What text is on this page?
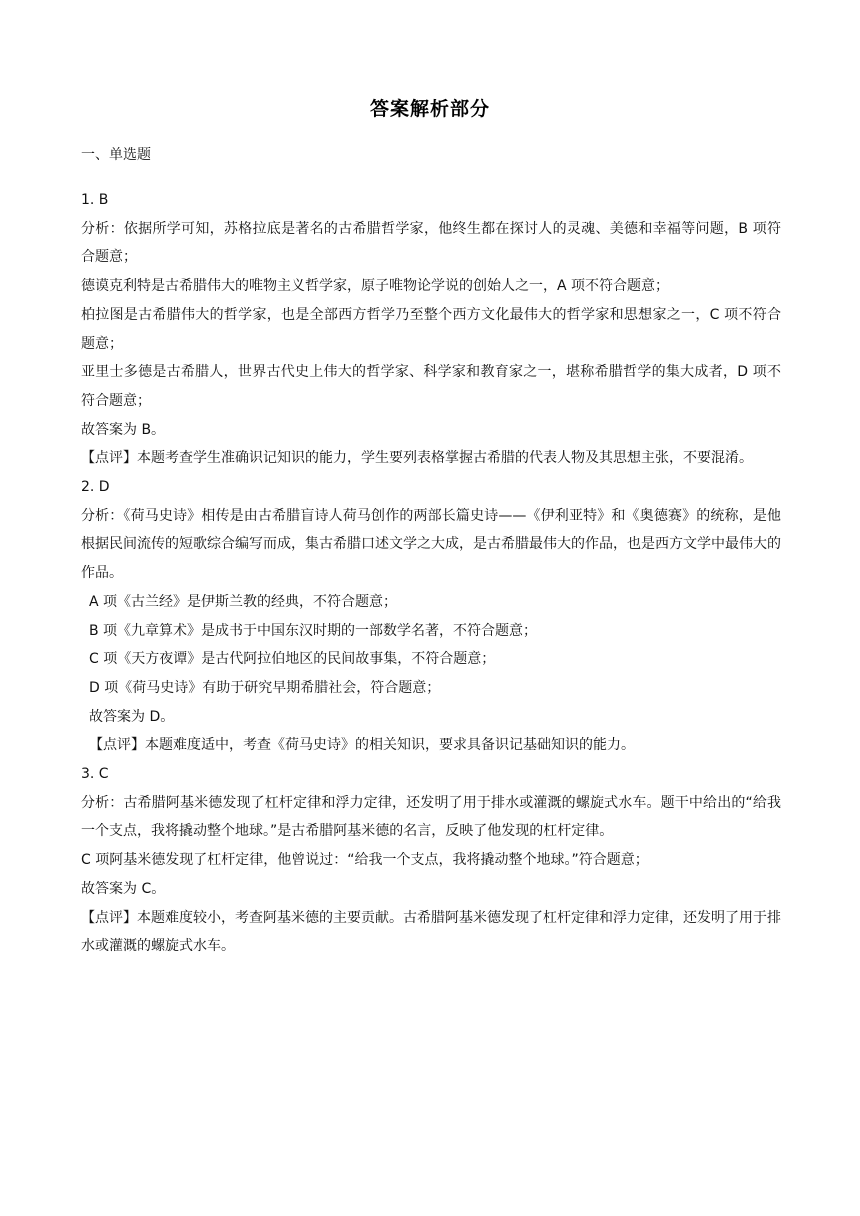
答案解析部分
一、单选题

1. B

分析：依据所学可知，苏格拉底是著名的古希腊哲学家，他终生都在探讨人的灵魂、美德和幸福等问题，B 项符合题意；

德谟克利特是古希腊伟大的唯物主义哲学家，原子唯物论学说的创始人之一，A 项不符合题意；

柏拉图是古希腊伟大的哲学家，也是全部西方哲学乃至整个西方文化最伟大的哲学家和思想家之一，C 项不符合题意；

亚里士多德是古希腊人，世界古代史上伟大的哲学家、科学家和教育家之一，堪称希腊哲学的集大成者，D 项不符合题意；

故答案为 B。

【点评】本题考查学生准确识记知识的能力，学生要列表格掌握古希腊的代表人物及其思想主张，不要混淆。

2. D

分析：《荷马史诗》相传是由古希腊盲诗人荷马创作的两部长篇史诗——《伊利亚特》和《奥德赛》的统称，是他根据民间流传的短歌综合编写而成，集古希腊口述文学之大成，是古希腊最伟大的作品，也是西方文学中最伟大的作品。

A 项《古兰经》是伊斯兰教的经典，不符合题意；

B 项《九章算术》是成书于中国东汉时期的一部数学名著，不符合题意；

C 项《天方夜谭》是古代阿拉伯地区的民间故事集，不符合题意；

D 项《荷马史诗》有助于研究早期希腊社会，符合题意；

故答案为 D。

【点评】本题难度适中，考查《荷马史诗》的相关知识，要求具备识记基础知识的能力。

3. C

分析：古希腊阿基米德发现了杠杆定律和浮力定律，还发明了用于排水或灌溉的螺旋式水车。题干中给出的“给我一个支点，我将撬动整个地球。”是古希腊阿基米德的名言，反映了他发现的杠杆定律。

C 项阿基米德发现了杠杆定律，他曾说过：“给我一个支点，我将撬动整个地球。”符合题意；

故答案为 C。

【点评】本题难度较小，考查阿基米德的主要贡献。古希腊阿基米德发现了杠杆定律和浮力定律，还发明了用于排水或灌溉的螺旋式水车。
